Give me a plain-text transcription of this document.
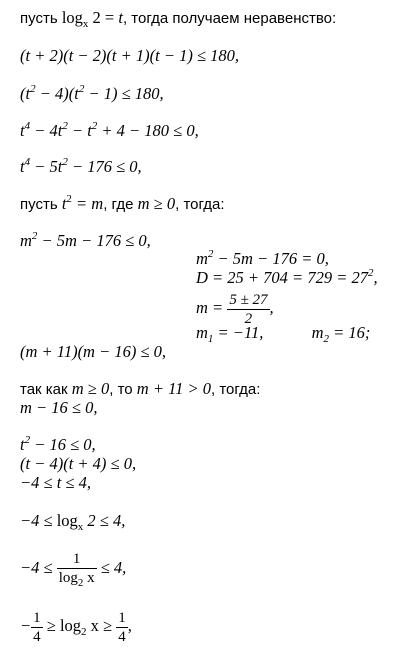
пусть $\log_x 2 = t$, тогда получаем неравенство:
(t + 2)(t − 2)(t + 1)(t − 1) ≤ 180,
$(t^2 - 4)(t^2 - 1) \le 180$,
$t^4 - 4t^2 - t^2 + 4 - 180 \le 0$,
$t^4 - 5t^2 - 176 \le 0$,
пусть $t^2 = m$, где m ≥ 0, тогда:
$m^2 - 5m - 176 \le 0$,
$m^2 - 5m - 176 = 0$,
$D = 25 + 704 = 729 = 27^2$,
$m = \frac{5 \pm 27}{2}$ ,
$m_1 = -11$,	$m_2 = 16$;
(m + 11)(m − 16) ≤ 0,
так как m ≥ 0, то m + 11 > 0, тогда:
m − 16 ≤ 0,
$t^2 - 16 \le 0$,
(t − 4)(t + 4) ≤ 0,
−4 ≤ t ≤ 4,
$-4 \le \log_x 2 \le 4$,
$-4 \le \frac{1}{\log_2 x} \le 4$,
− $\frac{1}{4} \ge \log_2 x \ge \frac{1}{4}$ ,
